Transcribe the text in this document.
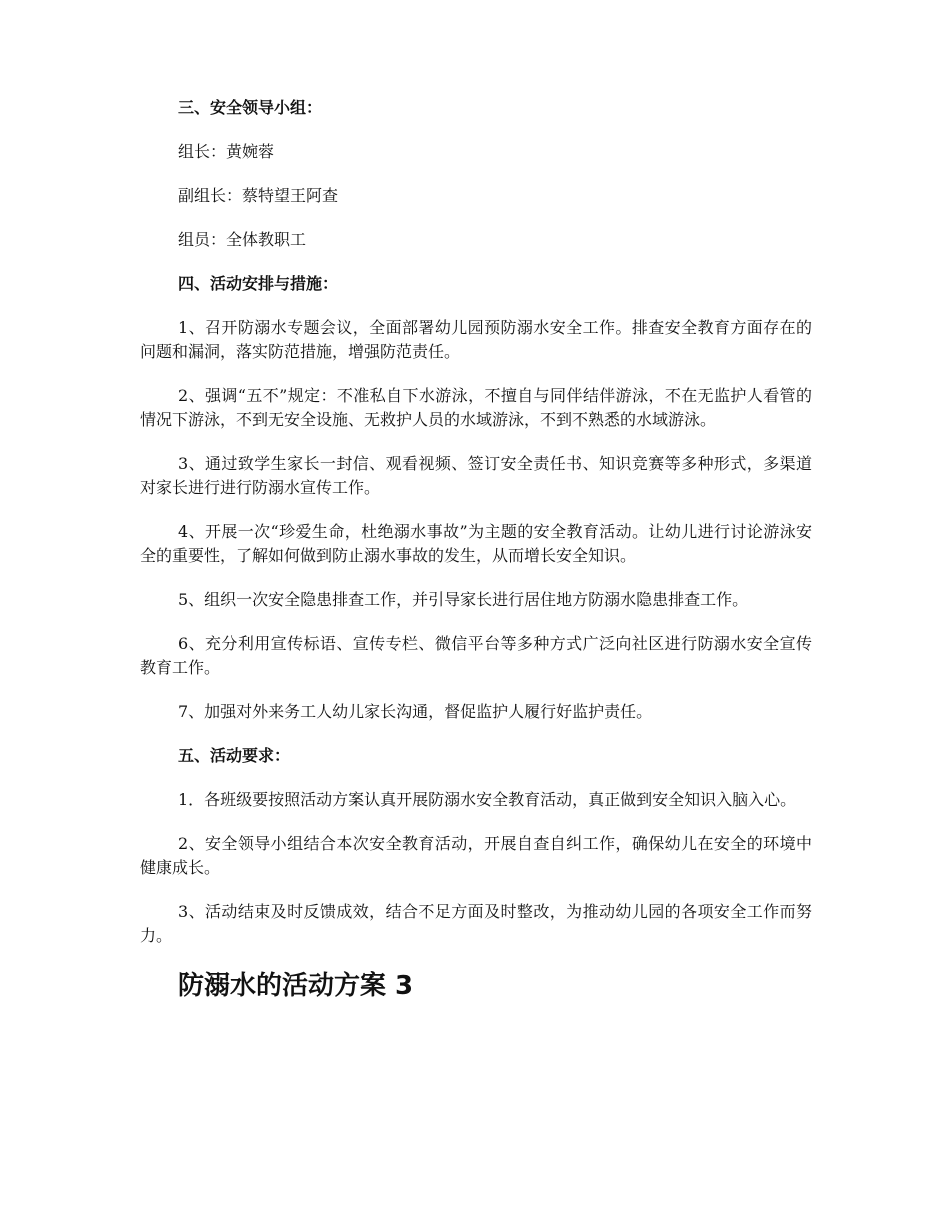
三、安全领导小组：
组长：黄婉蓉
副组长：蔡特望王阿查
组员：全体教职工
四、活动安排与措施：

1、召开防溺水专题会议，全面部署幼儿园预防溺水安全工作。排查安全教育方面存在的问题和漏洞，落实防范措施，增强防范责任。

2、强调“五不”规定：不准私自下水游泳，不擅自与同伴结伴游泳，不在无监护人看管的情况下游泳，不到无安全设施、无救护人员的水域游泳，不到不熟悉的水域游泳。

3、通过致学生家长一封信、观看视频、签订安全责任书、知识竞赛等多种形式，多渠道对家长进行进行防溺水宣传工作。

4、开展一次“珍爱生命，杜绝溺水事故”为主题的安全教育活动。让幼儿进行讨论游泳安全的重要性，了解如何做到防止溺水事故的发生，从而增长安全知识。

5、组织一次安全隐患排查工作，并引导家长进行居住地方防溺水隐患排查工作。

6、充分利用宣传标语、宣传专栏、微信平台等多种方式广泛向社区进行防溺水安全宣传教育工作。

7、加强对外来务工人幼儿家长沟通，督促监护人履行好监护责任。

五、活动要求：

1．各班级要按照活动方案认真开展防溺水安全教育活动，真正做到安全知识入脑入心。

2、安全领导小组结合本次安全教育活动，开展自查自纠工作，确保幼儿在安全的环境中健康成长。

3、活动结束及时反馈成效，结合不足方面及时整改，为推动幼儿园的各项安全工作而努力。

防溺水的活动方案 3
